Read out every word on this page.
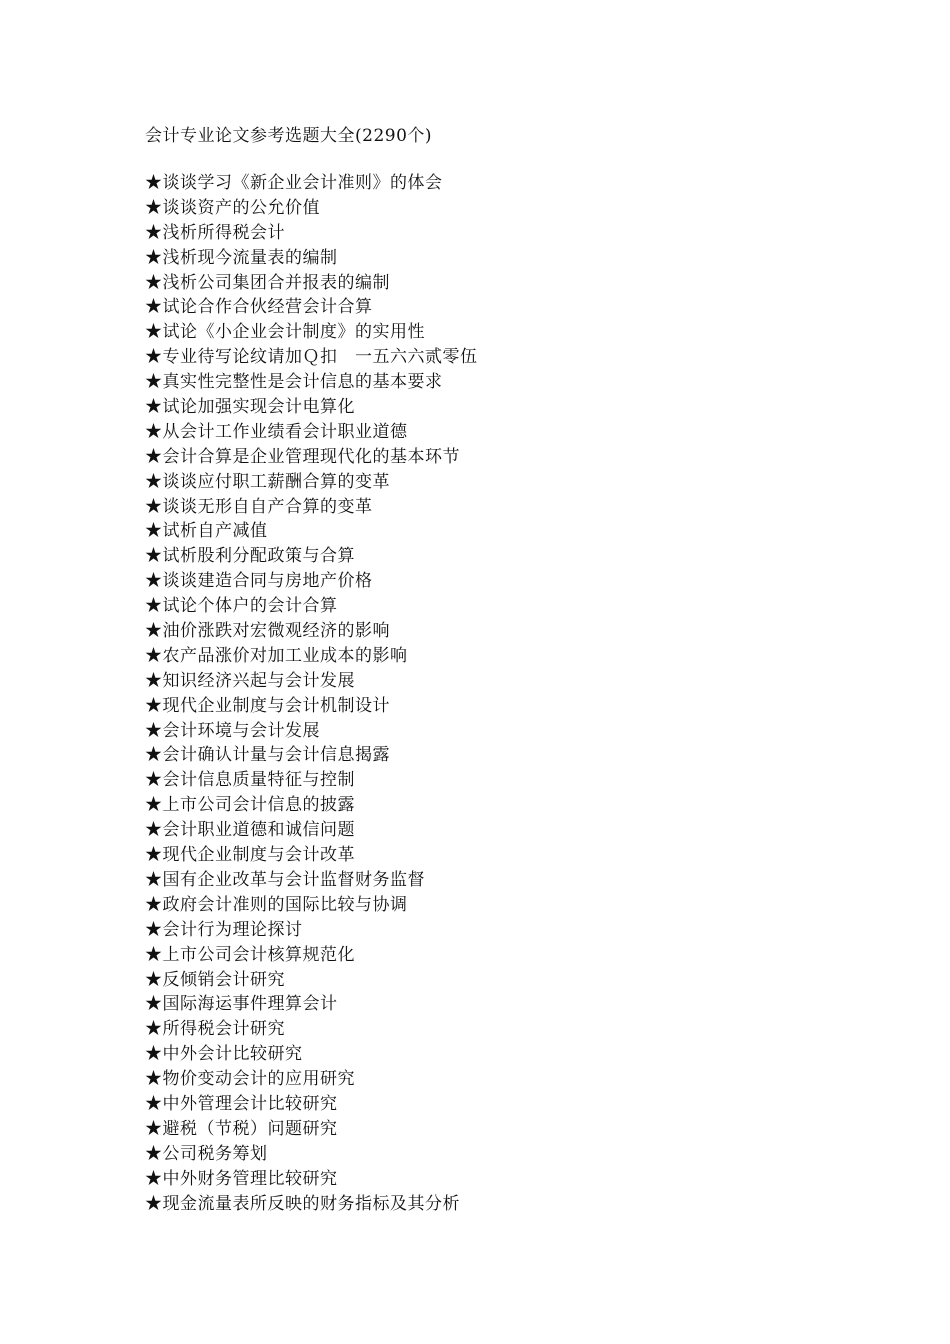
会计专业论文参考选题大全(2290个)
★谈谈学习《新企业会计准则》的体会
★谈谈资产的公允价值
★浅析所得税会计
★浅析现今流量表的编制
★浅析公司集团合并报表的编制
★试论合作合伙经营会计合算
★试论《小企业会计制度》的实用性
★专业待写论纹请加Ｑ扣　一五六六贰零伍
★真实性完整性是会计信息的基本要求
★试论加强实现会计电算化
★从会计工作业绩看会计职业道德
★会计合算是企业管理现代化的基本环节
★谈谈应付职工薪酬合算的变革
★谈谈无形自自产合算的变革
★试析自产减值
★试析股利分配政策与合算
★谈谈建造合同与房地产价格
★试论个体户的会计合算
★油价涨跌对宏微观经济的影响
★农产品涨价对加工业成本的影响
★知识经济兴起与会计发展
★现代企业制度与会计机制设计
★会计环境与会计发展
★会计确认计量与会计信息揭露
★会计信息质量特征与控制
★上市公司会计信息的披露
★会计职业道德和诚信问题
★现代企业制度与会计改革
★国有企业改革与会计监督财务监督
★政府会计准则的国际比较与协调
★会计行为理论探讨
★上市公司会计核算规范化
★反倾销会计研究
★国际海运事件理算会计
★所得税会计研究
★中外会计比较研究
★物价变动会计的应用研究
★中外管理会计比较研究
★避税（节税）问题研究
★公司税务筹划
★中外财务管理比较研究
★现金流量表所反映的财务指标及其分析
